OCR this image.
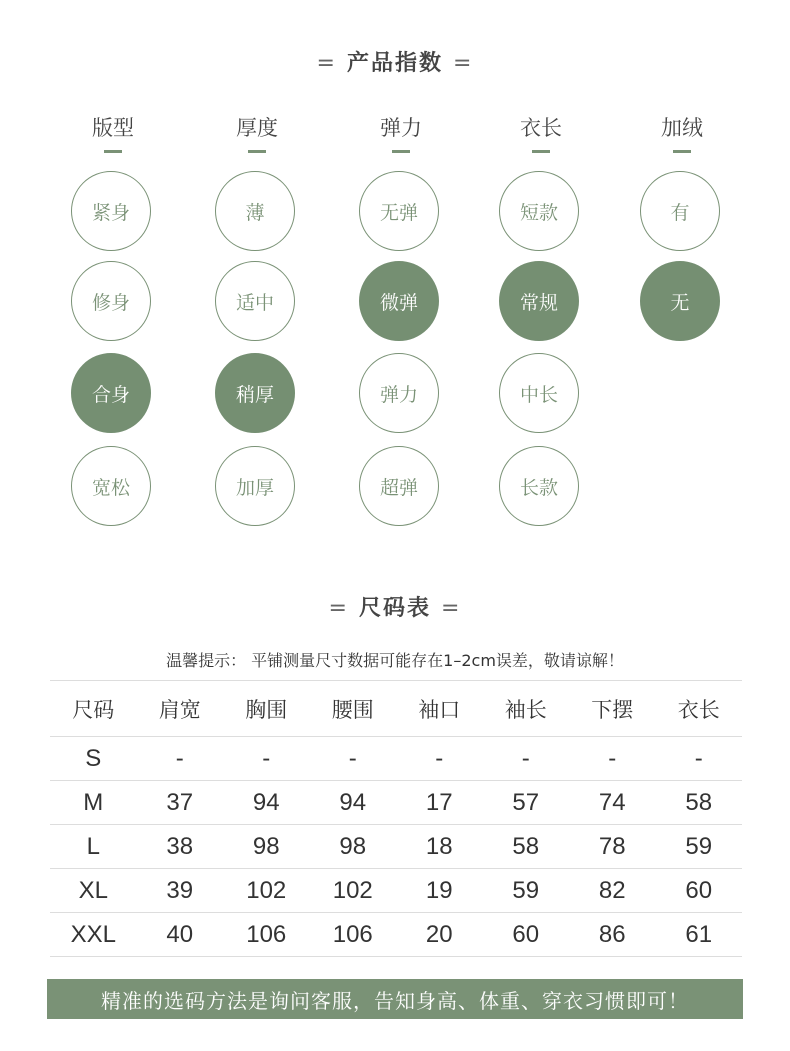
= 产品指数 =
版型
紧身
修身
合身
宽松
厚度
薄
适中
稍厚
加厚
弹力
无弹
微弹
弹力
超弹
衣长
短款
常规
中长
长款
加绒
有
无
= 尺码表 =
温馨提示： 平铺测量尺寸数据可能存在1–2cm误差，敬请谅解！
尺码	肩宽	胸围	腰围	袖口	袖长	下摆	衣长
S	-	-	-	-	-	-	-
M	37	94	94	17	57	74	58
L	38	98	98	18	58	78	59
XL	39	102	102	19	59	82	60
XXL	40	106	106	20	60	86	61
精准的选码方法是询问客服，告知身高、体重、穿衣习惯即可！
